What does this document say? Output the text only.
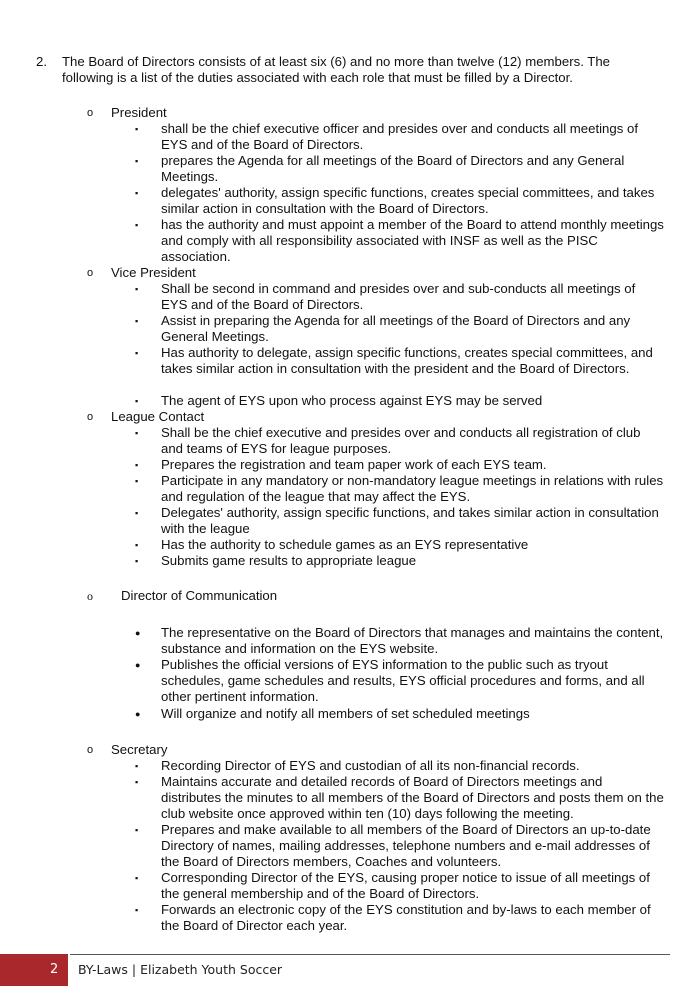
2. The Board of Directors consists of at least six (6) and no more than twelve (12) members. The following is a list of the duties associated with each role that must be filled by a Director.
o President
▪ shall be the chief executive officer and presides over and conducts all meetings of EYS and of the Board of Directors.
▪ prepares the Agenda for all meetings of the Board of Directors and any General Meetings.
▪ delegates' authority, assign specific functions, creates special committees, and takes similar action in consultation with the Board of Directors.
▪ has the authority and must appoint a member of the Board to attend monthly meetings and comply with all responsibility associated with INSF as well as the PISC association.
o Vice President
▪ Shall be second in command and presides over and sub-conducts all meetings of EYS and of the Board of Directors.
▪ Assist in preparing the Agenda for all meetings of the Board of Directors and any General Meetings.
▪ Has authority to delegate, assign specific functions, creates special committees, and takes similar action in consultation with the president and the Board of Directors.
▪ The agent of EYS upon who process against EYS may be served
o League Contact
▪ Shall be the chief executive and presides over and conducts all registration of club and teams of EYS for league purposes.
▪ Prepares the registration and team paper work of each EYS team.
▪ Participate in any mandatory or non-mandatory league meetings in relations with rules and regulation of the league that may affect the EYS.
▪ Delegates' authority, assign specific functions, and takes similar action in consultation with the league
▪ Has the authority to schedule games as an EYS representative
▪ Submits game results to appropriate league
o Director of Communication
● The representative on the Board of Directors that manages and maintains the content, substance and information on the EYS website.
● Publishes the official versions of EYS information to the public such as tryout schedules, game schedules and results, EYS official procedures and forms, and all other pertinent information.
● Will organize and notify all members of set scheduled meetings
o Secretary
▪ Recording Director of EYS and custodian of all its non-financial records.
▪ Maintains accurate and detailed records of Board of Directors meetings and distributes the minutes to all members of the Board of Directors and posts them on the club website once approved within ten (10) days following the meeting.
▪ Prepares and make available to all members of the Board of Directors an up-to-date Directory of names, mailing addresses, telephone numbers and e-mail addresses of the Board of Directors members, Coaches and volunteers.
▪ Corresponding Director of the EYS, causing proper notice to issue of all meetings of the general membership and of the Board of Directors.
▪ Forwards an electronic copy of the EYS constitution and by-laws to each member of the Board of Director each year.
2 BY-Laws | Elizabeth Youth Soccer
